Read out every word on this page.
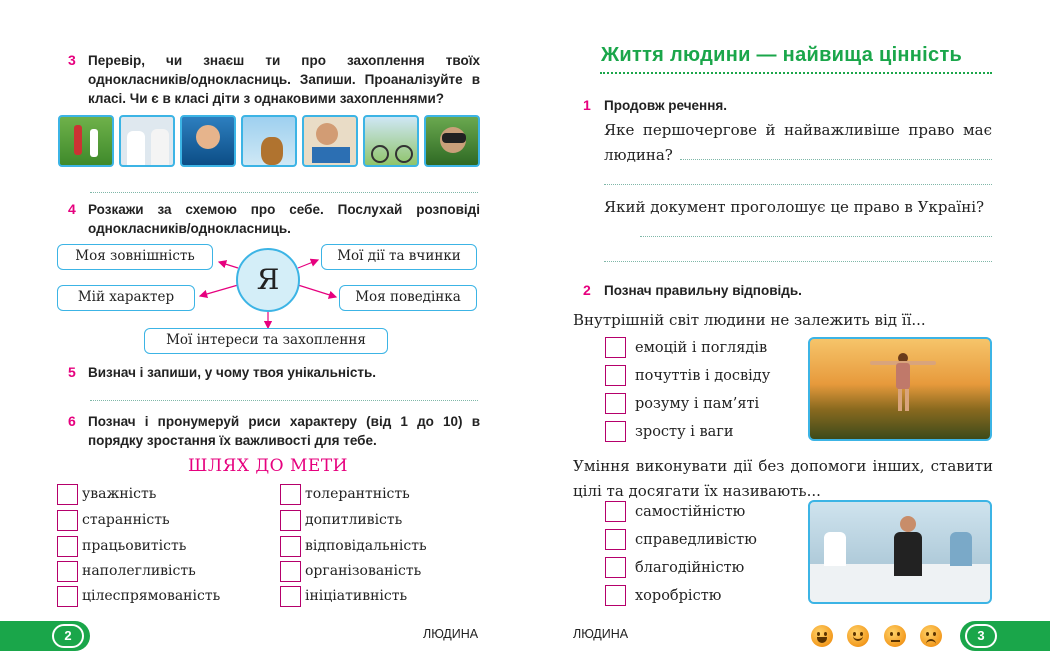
3 Перевір, чи знаєш ти про захоплення твоїх однокласників/однокласниць. Запиши. Проаналізуйте в класі. Чи є в класі діти з однаковими захопленнями?
4 Розкажи за схемою про себе. Послухай розповіді однокласників/однокласниць.
Я
Моя зовнішність
Мій характер
Мої дії та вчинки
Моя поведінка
Мої інтереси та захоплення
5 Визнач і запиши, у чому твоя унікальність.
6 Познач і пронумеруй риси характеру (від 1 до 10) в порядку зростання їх важливості для тебе.
ШЛЯХ ДО МЕТИ
уважність
старанність
працьовитість
наполегливість
цілеспрямованість
толерантність
допитливість
відповідальність
організованість
ініціативність
2	ЛЮДИНА
Життя людини — найвища цінність
1 Продовж речення.
Яке першочергове й найважливіше право має людина?
Який документ проголошує це право в Україні?
2 Познач правильну відповідь.
Внутрішній світ людини не залежить від її...
емоцій і поглядів
почуттів і досвіду
розуму і пам’яті
зросту і ваги
Уміння виконувати дії без допомоги інших, ставити цілі та досягати їх називають...
самостійністю
справедливістю
благодійністю
хоробрістю
ЛЮДИНА	3
